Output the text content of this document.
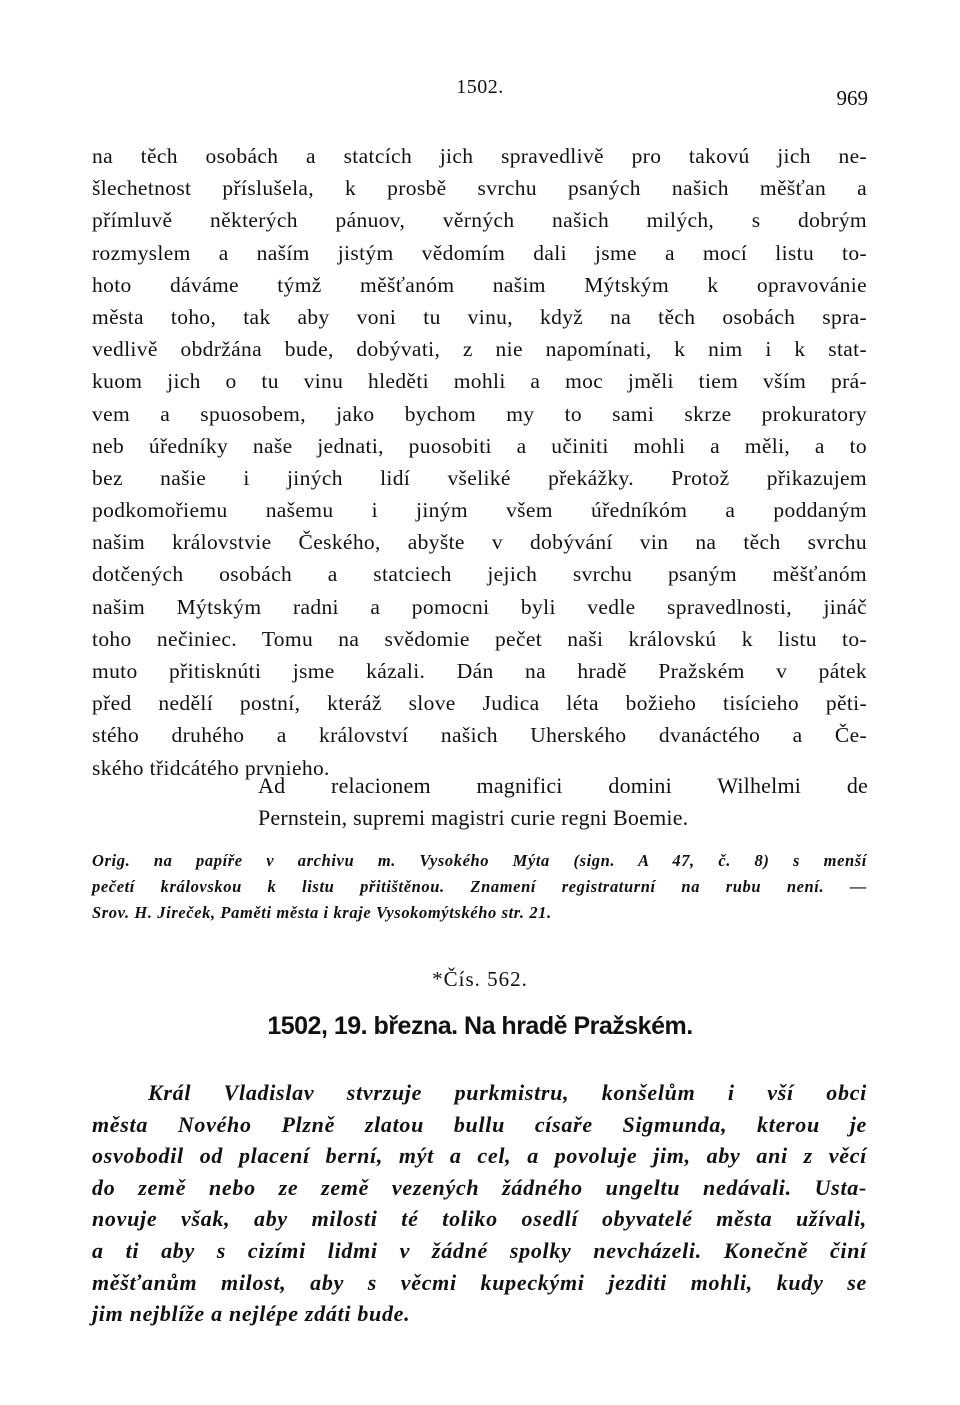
1502.	969
na těch osobách a statcích jich spravedlivě pro takovú jich ne-
šlechetnost příslušela, k prosbě svrchu psaných našich měšťan a
přímluvě některých pánuov, věrných našich milých, s dobrým
rozmyslem a naším jistým vědomím dali jsme a mocí listu to-
hoto dáváme týmž měšťanóm našim Mýtským k opravovánie
města toho, tak aby voni tu vinu, když na těch osobách spra-
vedlivě obdržána bude, dobývati, z nie napomínati, k nim i k stat-
kuom jich o tu vinu hleděti mohli a moc jměli tiem vším prá-
vem a spuosobem, jako bychom my to sami skrze prokuratory
neb úředníky naše jednati, puosobiti a učiniti mohli a měli, a to
bez našie i jiných lidí všeliké překážky. Protož přikazujem
podkomořiemu našemu i jiným všem úředníkóm a poddaným
našim královstvie Českého, abyšte v dobývání vin na těch svrchu
dotčených osobách a statciech jejich svrchu psaným měšťanóm
našim Mýtským radni a pomocni byli vedle spravedlnosti, jináč
toho nečiniec. Tomu na svědomie pečet naši královskú k listu to-
muto přitisknúti jsme kázali. Dán na hradě Pražském v pátek
před nedělí postní, kteráž slove Judica léta božieho tisícieho pěti-
stého druhého a království našich Uherského dvanáctého a Če-
ského třidcátého prvnieho.
Ad relacionem magnifici domini Wilhelmi de
Pernstein, supremi magistri curie regni Boemie.
Orig. na papíře v archivu m. Vysokého Mýta (sign. A 47, č. 8) s menší
pečetí královskou k listu přitištěnou. Znamení registraturní na rubu není. —
Srov. H. Jireček, Paměti města i kraje Vysokomýtského str. 21.
*Čís. 562.
1502, 19. března. Na hradě Pražském.
Král Vladislav stvrzuje purkmistru, konšelům i vší obci
města Nového Plzně zlatou bullu císaře Sigmunda, kterou je
osvobodil od placení berní, mýt a cel, a povoluje jim, aby ani z věcí
do země nebo ze země vezených žádného ungeltu nedávali. Usta-
novuje však, aby milosti té toliko osedlí obyvatelé města užívali,
a ti aby s cizími lidmi v žádné spolky nevcházeli. Konečně činí
měšťanům milost, aby s věcmi kupeckými jezditi mohli, kudy se
jim nejblíže a nejlépe zdáti bude.
